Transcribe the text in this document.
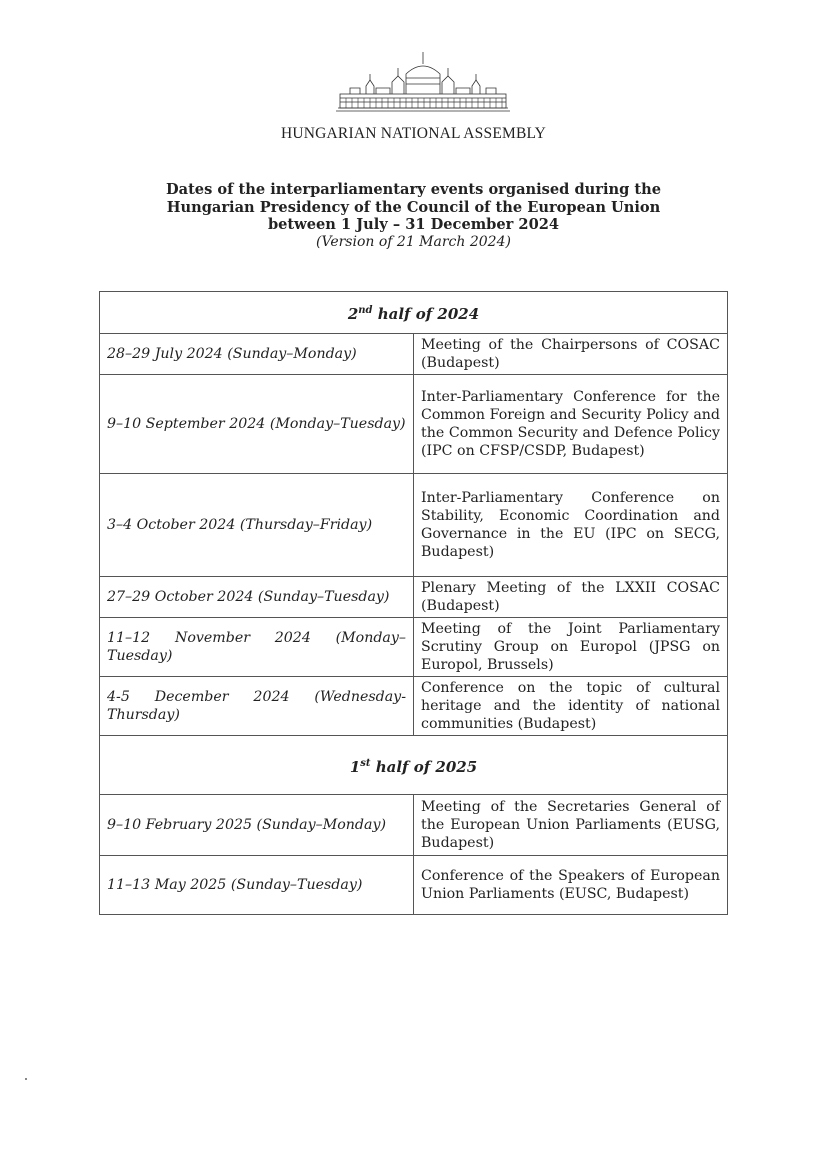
HUNGARIAN NATIONAL ASSEMBLY
Dates of the interparliamentary events organised during the
Hungarian Presidency of the Council of the European Union
between 1 July – 31 December 2024
(Version of 21 March 2024)
2nd half of 2024	
28–29 July 2024 (Sunday–Monday)	Meeting of the Chairpersons of COSAC (Budapest)
9–10 September 2024 (Monday–Tuesday)	Inter-Parliamentary Conference for the Common Foreign and Security Policy and the Common Security and Defence Policy (IPC on CFSP/CSDP, Budapest)
3–4 October 2024 (Thursday–Friday)	Inter-Parliamentary Conference on Stability, Economic Coordination and Governance in the EU (IPC on SECG, Budapest)
27–29 October 2024 (Sunday–Tuesday)	Plenary Meeting of the LXXII COSAC (Budapest)
11–12 November 2024 (Monday–Tuesday)	Meeting of the Joint Parliamentary Scrutiny Group on Europol (JPSG on Europol, Brussels)
4-5 December 2024 (Wednesday-Thursday)	Conference on the topic of cultural heritage and the identity of national communities (Budapest)
1st half of 2025	
9–10 February 2025 (Sunday–Monday)	Meeting of the Secretaries General of the European Union Parliaments (EUSG, Budapest)
11–13 May 2025 (Sunday–Tuesday)	Conference of the Speakers of European Union Parliaments (EUSC, Budapest)
